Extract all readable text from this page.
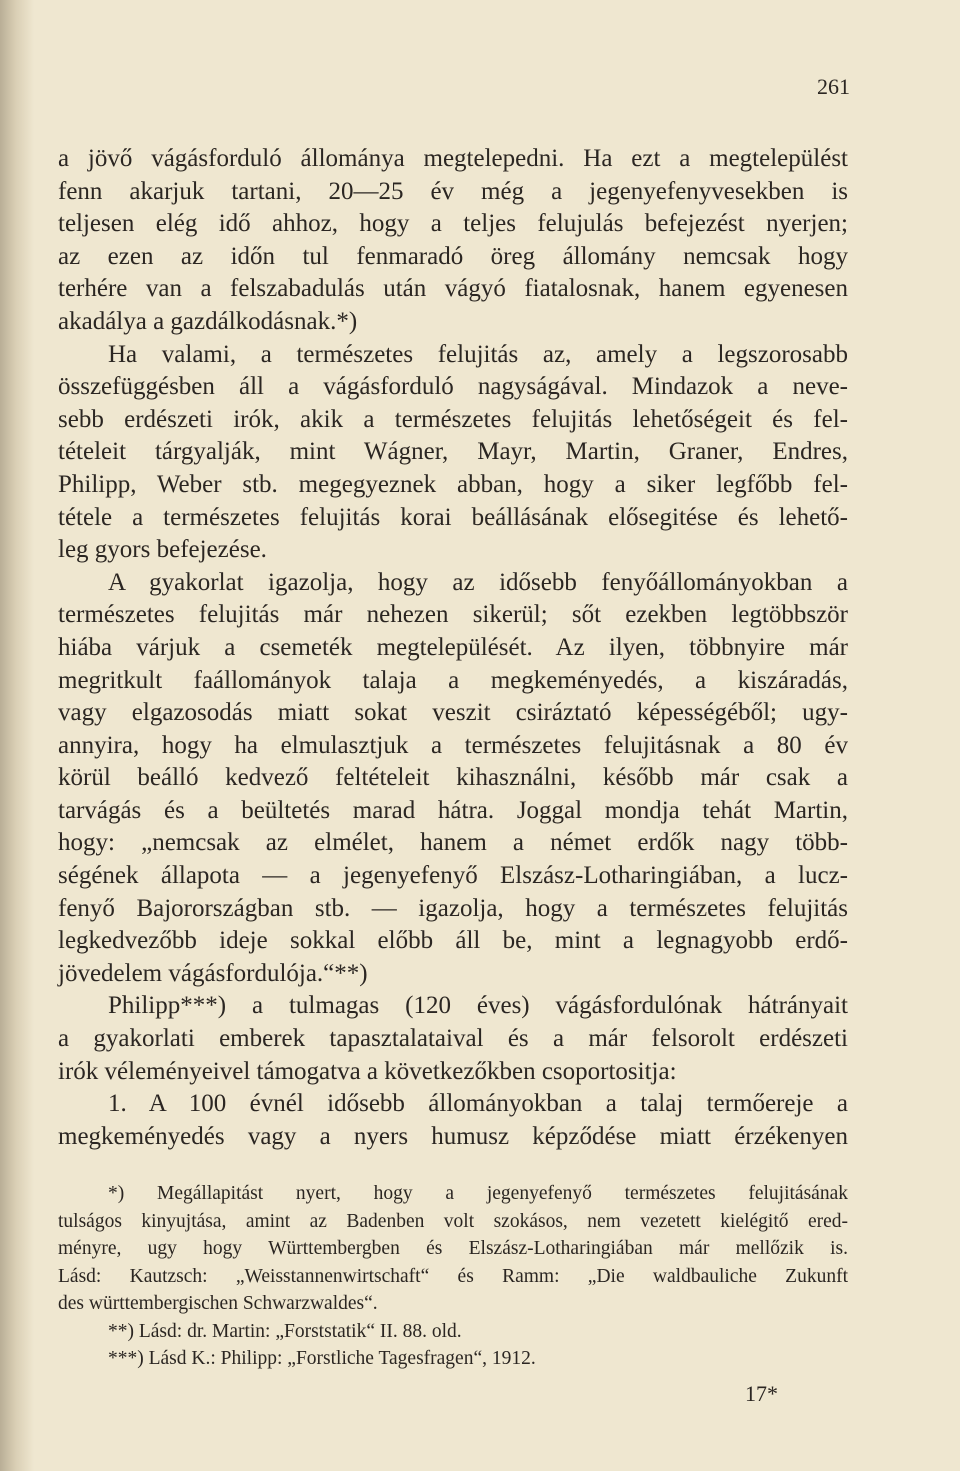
261
a jövő vágásforduló állománya megtelepedni. Ha ezt a megtelepülést
fenn akarjuk tartani, 20—25 év még a jegenyefenyvesekben is
teljesen elég idő ahhoz, hogy a teljes felujulás befejezést nyerjen;
az ezen az időn tul fenmaradó öreg állomány nemcsak hogy
terhére van a felszabadulás után vágyó fiatalosnak, hanem egyenesen
akadálya a gazdálkodásnak.*)
Ha valami, a természetes felujitás az, amely a legszorosabb
összefüggésben áll a vágásforduló nagyságával. Mindazok a neve-
sebb erdészeti irók, akik a természetes felujitás lehetőségeit és fel-
tételeit tárgyalják, mint Wágner, Mayr, Martin, Graner, Endres,
Philipp, Weber stb. megegyeznek abban, hogy a siker legfőbb fel-
tétele a természetes felujitás korai beállásának elősegitése és lehető-
leg gyors befejezése.
A gyakorlat igazolja, hogy az idősebb fenyőállományokban a
természetes felujitás már nehezen sikerül; sőt ezekben legtöbbször
hiába várjuk a csemeték megtelepülését. Az ilyen, többnyire már
megritkult faállományok talaja a megkeményedés, a kiszáradás,
vagy elgazosodás miatt sokat veszit csiráztató képességéből; ugy-
annyira, hogy ha elmulasztjuk a természetes felujitásnak a 80 év
körül beálló kedvező feltételeit kihasználni, később már csak a
tarvágás és a beültetés marad hátra. Joggal mondja tehát Martin,
hogy: „nemcsak az elmélet, hanem a német erdők nagy több-
ségének állapota — a jegenyefenyő Elszász-Lotharingiában, a lucz-
fenyő Bajorországban stb. — igazolja, hogy a természetes felujitás
legkedvezőbb ideje sokkal előbb áll be, mint a legnagyobb erdő-
jövedelem vágásfordulója.“**)
Philipp***) a tulmagas (120 éves) vágásfordulónak hátrányait
a gyakorlati emberek tapasztalataival és a már felsorolt erdészeti
irók véleményeivel támogatva a következőkben csoportositja:
1. A 100 évnél idősebb állományokban a talaj termőereje a
megkeményedés vagy a nyers humusz képződése miatt érzékenyen
*) Megállapitást nyert, hogy a jegenyefenyő természetes felujitásának
tulságos kinyujtása, amint az Badenben volt szokásos, nem vezetett kielégitő ered-
ményre, ugy hogy Württembergben és Elszász-Lotharingiában már mellőzik is.
Lásd: Kautzsch: „Weisstannenwirtschaft“ és Ramm: „Die waldbauliche Zukunft
des württembergischen Schwarzwaldes“.
**) Lásd: dr. Martin: „Forststatik“ II. 88. old.
***) Lásd K.: Philipp: „Forstliche Tagesfragen“, 1912.
17*
